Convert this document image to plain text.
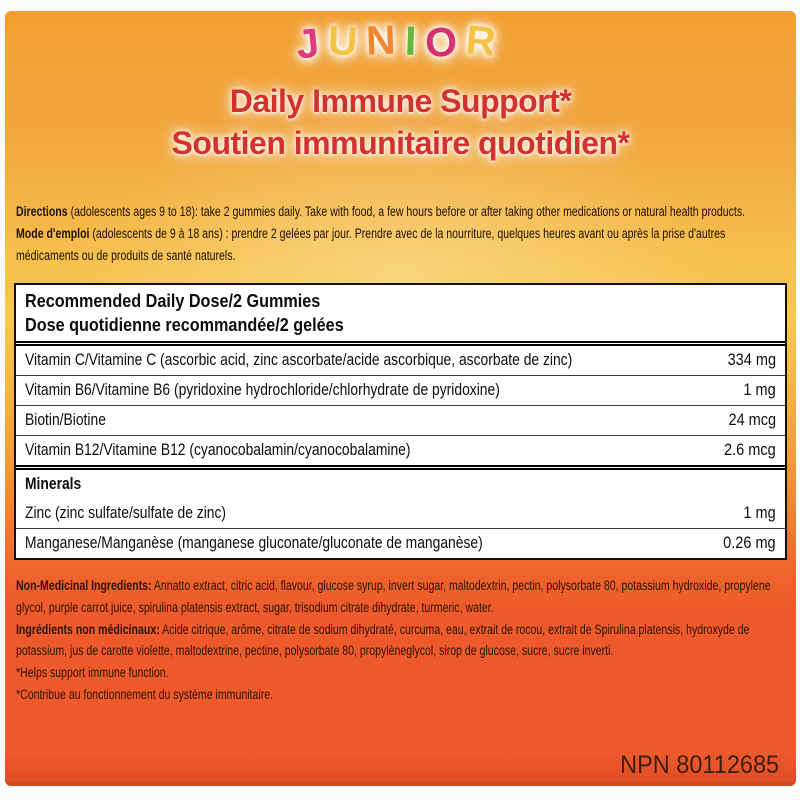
JUNIOR
Daily Immune Support*
Soutien immunitaire quotidien*

Directions (adolescents ages 9 to 18): take 2 gummies daily. Take with food, a few hours before or after taking other medications or natural health products.

Mode d'emploi (adolescents de 9 à 18 ans) : prendre 2 gelées par jour. Prendre avec de la nourriture, quelques heures avant ou après la prise d'autres médicaments ou de produits de santé naturels.

Recommended Daily Dose/2 Gummies
Dose quotidienne recommandée/2 gelées
Vitamin C/Vitamine C (ascorbic acid, zinc ascorbate/acide ascorbique, ascorbate de zinc)	334 mg
Vitamin B6/Vitamine B6 (pyridoxine hydrochloride/chlorhydrate de pyridoxine)	1 mg
Biotin/Biotine	24 mcg
Vitamin B12/Vitamine B12 (cyanocobalamin/cyanocobalamine)	2.6 mcg
Minerals
Zinc (zinc sulfate/sulfate de zinc)	1 mg
Manganese/Manganèse (manganese gluconate/gluconate de manganèse)	0.26 mg

Non-Medicinal Ingredients: Annatto extract, citric acid, flavour, glucose syrup, invert sugar, maltodextrin, pectin, polysorbate 80, potassium hydroxide, propylene glycol, purple carrot juice, spirulina platensis extract, sugar, trisodium citrate dihydrate, turmeric, water.

Ingrédients non médicinaux: Acide citrique, arôme, citrate de sodium dihydraté, curcuma, eau, extrait de rocou, extrait de Spirulina platensis, hydroxyde de potassium, jus de carotte violette, maltodextrine, pectine, polysorbate 80, propylèneglycol, sirop de glucose, sucre, sucre inverti.

*Helps support immune function.

*Contribue au fonctionnement du système immunitaire.

NPN 80112685
